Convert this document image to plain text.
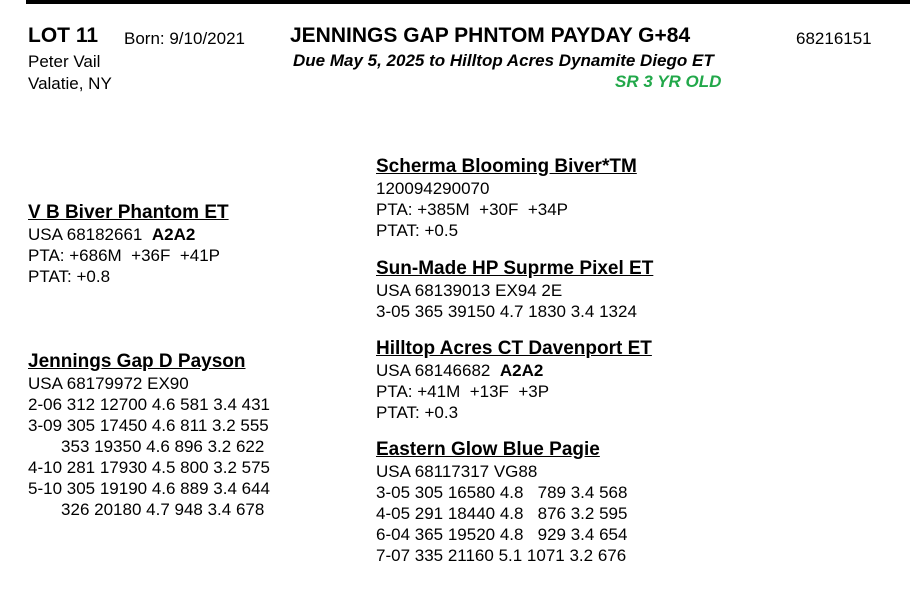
LOT 11 Born: 9/10/2021
Peter Vail
Valatie, NY
JENNINGS GAP PHNTOM PAYDAY G+84	68216151
Due May 5, 2025 to Hilltop Acres Dynamite Diego ET
SR 3 YR OLD
V B Biver Phantom ET
USA 68182661 A2A2
PTA: +686M  +36F  +41P
PTAT: +0.8
Scherma Blooming Biver*TM
120094290070
PTA: +385M  +30F  +34P
PTAT: +0.5
Sun-Made HP Suprme Pixel ET
USA 68139013 EX94 2E
3-05 365 39150 4.7 1830 3.4 1324
Jennings Gap D Payson
USA 68179972 EX90
2-06 312 12700 4.6 581 3.4 431
3-09 305 17450 4.6 811 3.2 555
353 19350 4.6 896 3.2 622
4-10 281 17930 4.5 800 3.2 575
5-10 305 19190 4.6 889 3.4 644
326 20180 4.7 948 3.4 678
Hilltop Acres CT Davenport ET
USA 68146682 A2A2
PTA: +41M  +13F  +3P
PTAT: +0.3
Eastern Glow Blue Pagie
USA 68117317 VG88
3-05 305 16580 4.8   789 3.4 568
4-05 291 18440 4.8   876 3.2 595
6-04 365 19520 4.8   929 3.4 654
7-07 335 21160 5.1 1071 3.2 676
